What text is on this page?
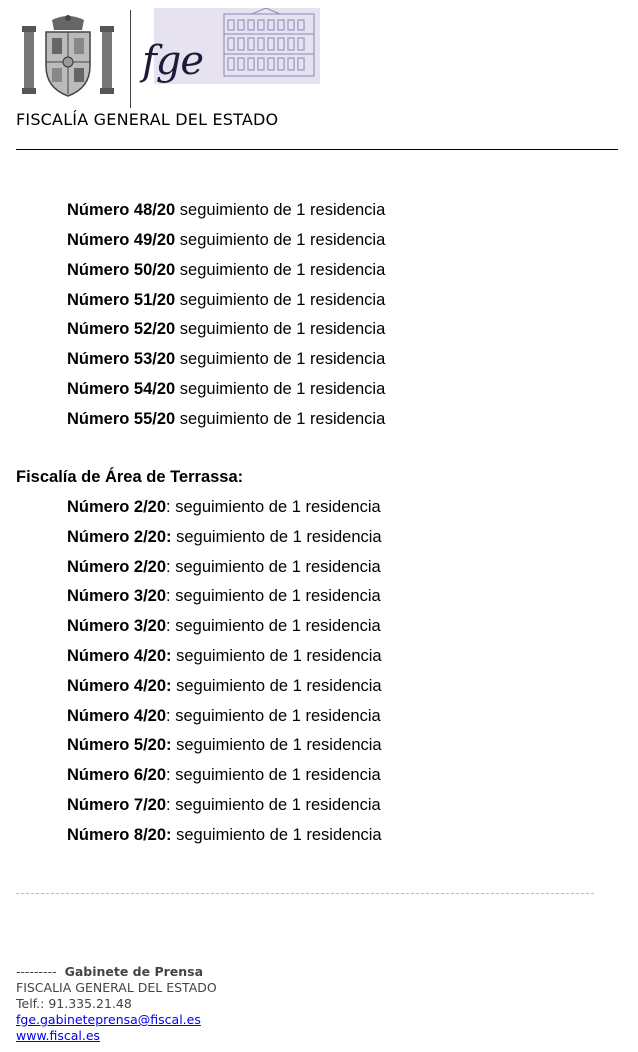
fge
FISCALÍA GENERAL DEL ESTADO
Número 48/20 seguimiento de 1 residencia
Número 49/20 seguimiento de 1 residencia
Número 50/20 seguimiento de 1 residencia
Número 51/20 seguimiento de 1 residencia
Número 52/20 seguimiento de 1 residencia
Número 53/20 seguimiento de 1 residencia
Número 54/20 seguimiento de 1 residencia
Número 55/20 seguimiento de 1 residencia
Fiscalía de Área de Terrassa:
Número 2/20: seguimiento de 1 residencia
Número 2/20: seguimiento de 1 residencia
Número 2/20: seguimiento de 1 residencia
Número 3/20: seguimiento de 1 residencia
Número 3/20: seguimiento de 1 residencia
Número 4/20: seguimiento de 1 residencia
Número 4/20: seguimiento de 1 residencia
Número 4/20: seguimiento de 1 residencia
Número 5/20: seguimiento de 1 residencia
Número 6/20: seguimiento de 1 residencia
Número 7/20: seguimiento de 1 residencia
Número 8/20: seguimiento de 1 residencia
--------- Gabinete de Prensa
FISCALIA GENERAL DEL ESTADO
Telf.: 91.335.21.48
fge.gabineteprensa@fiscal.es
www.fiscal.es
